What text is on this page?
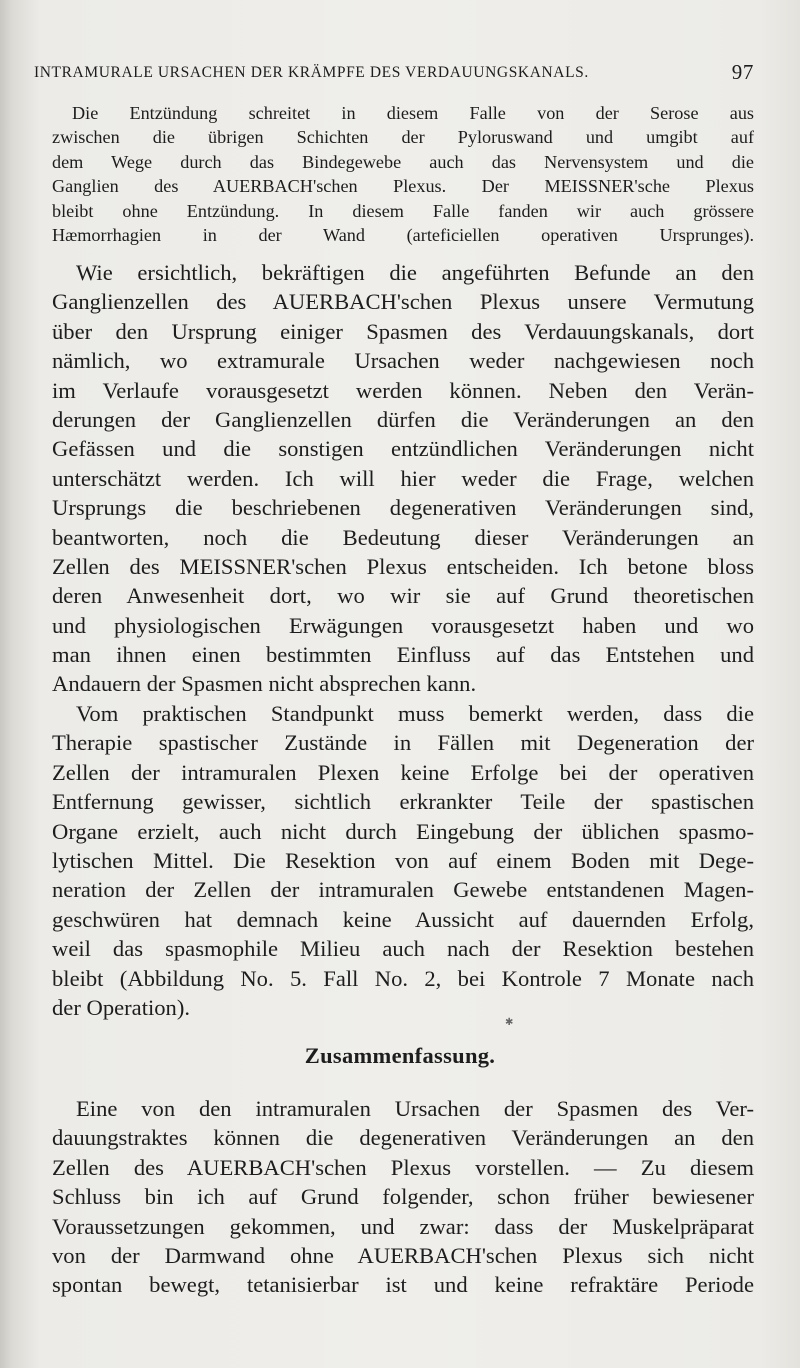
INTRAMURALE URSACHEN DER KRÄMPFE DES VERDAUUNGSKANALS.	97
Die Entzündung schreitet in diesem Falle von der Serose aus
zwischen die übrigen Schichten der Pyloruswand und umgibt auf
dem Wege durch das Bindegewebe auch das Nervensystem und die
Ganglien des AUERBACH'schen Plexus. Der MEISSNER'sche Plexus
bleibt ohne Entzündung. In diesem Falle fanden wir auch grössere
Hæmorrhagien in der Wand (arteficiellen operativen Ursprunges).
Wie ersichtlich, bekräftigen die angeführten Befunde an den
Ganglienzellen des AUERBACH'schen Plexus unsere Vermutung
über den Ursprung einiger Spasmen des Verdauungskanals, dort
nämlich, wo extramurale Ursachen weder nachgewiesen noch
im Verlaufe vorausgesetzt werden können. Neben den Verän-
derungen der Ganglienzellen dürfen die Veränderungen an den
Gefässen und die sonstigen entzündlichen Veränderungen nicht
unterschätzt werden. Ich will hier weder die Frage, welchen
Ursprungs die beschriebenen degenerativen Veränderungen sind,
beantworten, noch die Bedeutung dieser Veränderungen an
Zellen des MEISSNER'schen Plexus entscheiden. Ich betone bloss
deren Anwesenheit dort, wo wir sie auf Grund theoretischen
und physiologischen Erwägungen vorausgesetzt haben und wo
man ihnen einen bestimmten Einfluss auf das Entstehen und
Andauern der Spasmen nicht absprechen kann.
Vom praktischen Standpunkt muss bemerkt werden, dass die
Therapie spastischer Zustände in Fällen mit Degeneration der
Zellen der intramuralen Plexen keine Erfolge bei der operativen
Entfernung gewisser, sichtlich erkrankter Teile der spastischen
Organe erzielt, auch nicht durch Eingebung der üblichen spasmo-
lytischen Mittel. Die Resektion von auf einem Boden mit Dege-
neration der Zellen der intramuralen Gewebe entstandenen Magen-
geschwüren hat demnach keine Aussicht auf dauernden Erfolg,
weil das spasmophile Milieu auch nach der Resektion bestehen
bleibt (Abbildung No. 5. Fall No. 2, bei Kontrole 7 Monate nach
der Operation).
✱
Zusammenfassung.
Eine von den intramuralen Ursachen der Spasmen des Ver-
dauungstraktes können die degenerativen Veränderungen an den
Zellen des AUERBACH'schen Plexus vorstellen. — Zu diesem
Schluss bin ich auf Grund folgender, schon früher bewiesener
Voraussetzungen gekommen, und zwar: dass der Muskelpräparat
von der Darmwand ohne AUERBACH'schen Plexus sich nicht
spontan bewegt, tetanisierbar ist und keine refraktäre Periode
